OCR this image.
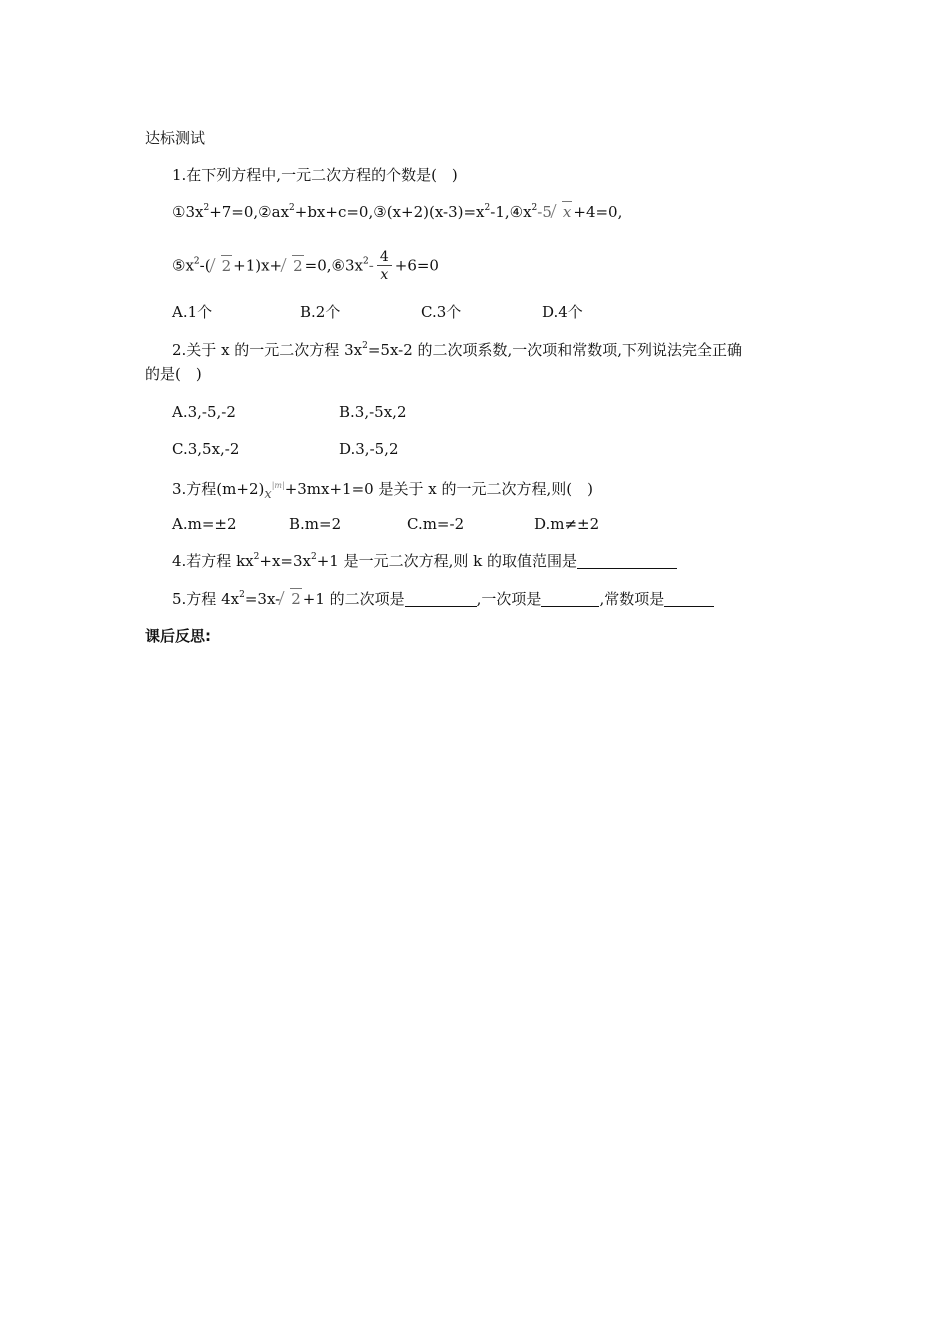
达标测试
1.在下列方程中,一元二次方程的个数是(　)
$①3x^2+7=0,②ax^2+bx+c=0,③(x+2)(x-3)=x^2-1,④x^2-5$ x +4=0,
$⑤x^2-$( $2 +1)x+ 2 =0,⑥3x^2- \frac{4}{x} +6=0$
A.1个	B.2个	C.3个	D.4个
2.关于 x 的一元二次方程 $3x^2=5x-2$ 的二次项系数,一次项和常数项,下列说法完全正确
的是(　)
A.3,-5,-2	B.3,-5x,2
C.3,5x,-2	D.3,-5,2
3.方程$(m+2)x^{|m|}+3mx+1=0$ 是关于 x 的一元二次方程,则(　)
A.m=±2	B.m=2	C.m=-2	D.m≠±2
4.若方程 $kx^2+x=3x^2+1$ 是一元二次方程,则 k 的取值范围是
5.方程 $4x^2=3x-$ 2 +1 的二次项是	,一次项是	,常数项是
课后反思:
